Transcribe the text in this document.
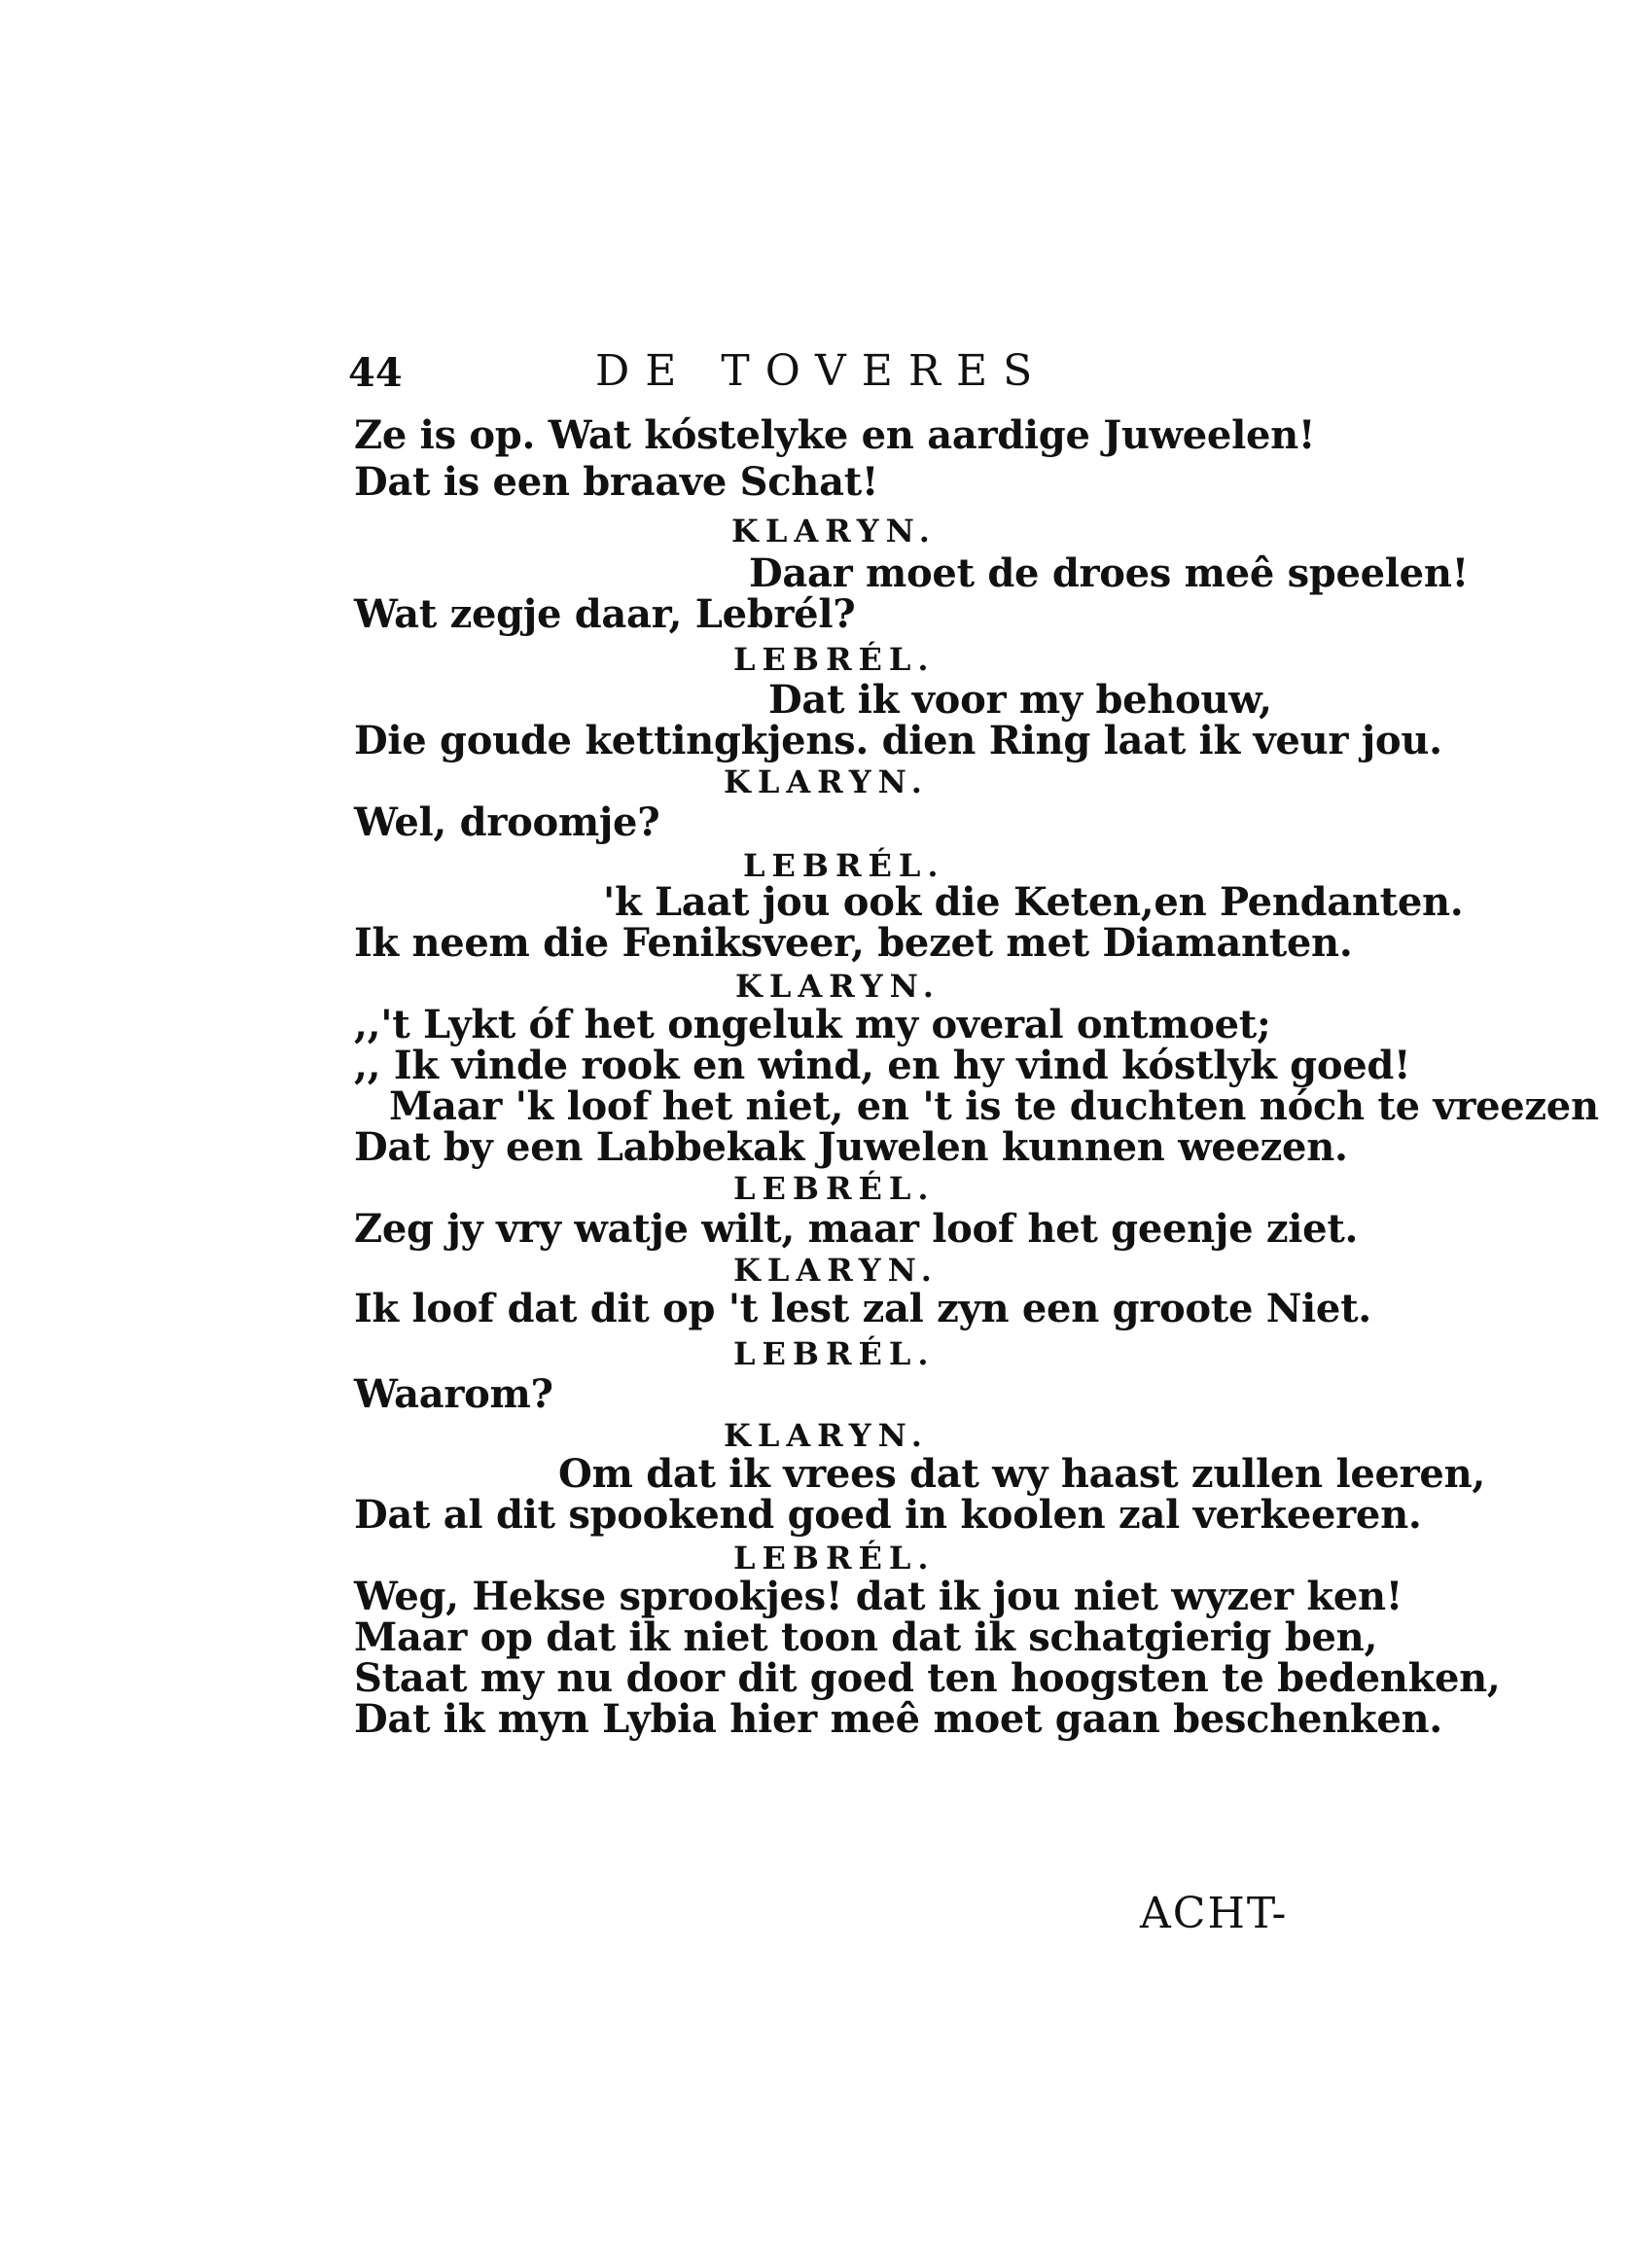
44	DE TOVERES
Ze is op. Wat kóstelyke en aardige Juweelen!
Dat is een braave Schat!
KLARYN.
Daar moet de droes meê speelen!
Wat zegje daar, Lebrél?
LEBRÉL.
Dat ik voor my behouw,
Die goude kettingkjens. dien Ring laat ik veur jou.
KLARYN.
Wel, droomje?
LEBRÉL.
'k Laat jou ook die Keten,en Pendanten.
Ik neem die Feniksveer, bezet met Diamanten.
KLARYN.
,,'t Lykt óf het ongeluk my overal ontmoet;
,, Ik vinde rook en wind, en hy vind kóstlyk goed!
Maar 'k loof het niet, en 't is te duchten nóch te vreezen
Dat by een Labbekak Juwelen kunnen weezen.
LEBRÉL.
Zeg jy vry watje wilt, maar loof het geenje ziet.
KLARYN.
Ik loof dat dit op 't lest zal zyn een groote Niet.
LEBRÉL.
Waarom?
KLARYN.
Om dat ik vrees dat wy haast zullen leeren,
Dat al dit spookend goed in koolen zal verkeeren.
LEBRÉL.
Weg, Hekse sprookjes! dat ik jou niet wyzer ken!
Maar op dat ik niet toon dat ik schatgierig ben,
Staat my nu door dit goed ten hoogsten te bedenken,
Dat ik myn Lybia hier meê moet gaan beschenken.
ACHT-
